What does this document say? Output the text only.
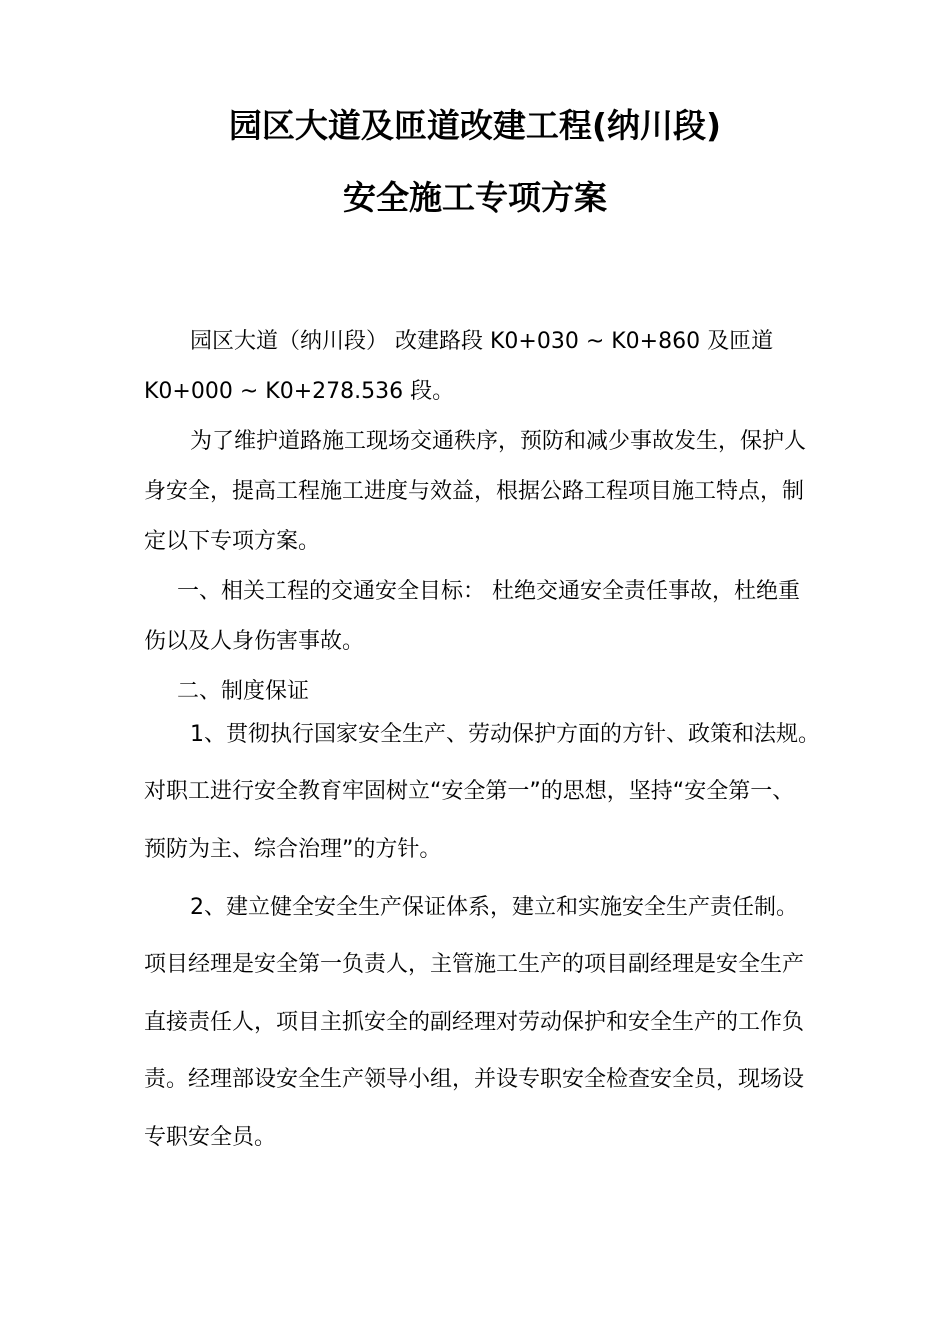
园区大道及匝道改建工程(纳川段)
安全施工专项方案
园区大道（纳川段） 改建路段 K0+030 ~ K0+860 及匝道
K0+000 ~ K0+278.536 段。
为了维护道路施工现场交通秩序，预防和减少事故发生，保护人
身安全，提高工程施工进度与效益，根据公路工程项目施工特点，制
定以下专项方案。
一、相关工程的交通安全目标： 杜绝交通安全责任事故，杜绝重
伤以及人身伤害事故。
二、制度保证
1、贯彻执行国家安全生产、劳动保护方面的方针、政策和法规。
对职工进行安全教育牢固树立“安全第一”的思想，坚持“安全第一、
预防为主、综合治理”的方针。
2、建立健全安全生产保证体系，建立和实施安全生产责任制。
项目经理是安全第一负责人，主管施工生产的项目副经理是安全生产
直接责任人，项目主抓安全的副经理对劳动保护和安全生产的工作负
责。经理部设安全生产领导小组，并设专职安全检查安全员，现场设
专职安全员。
